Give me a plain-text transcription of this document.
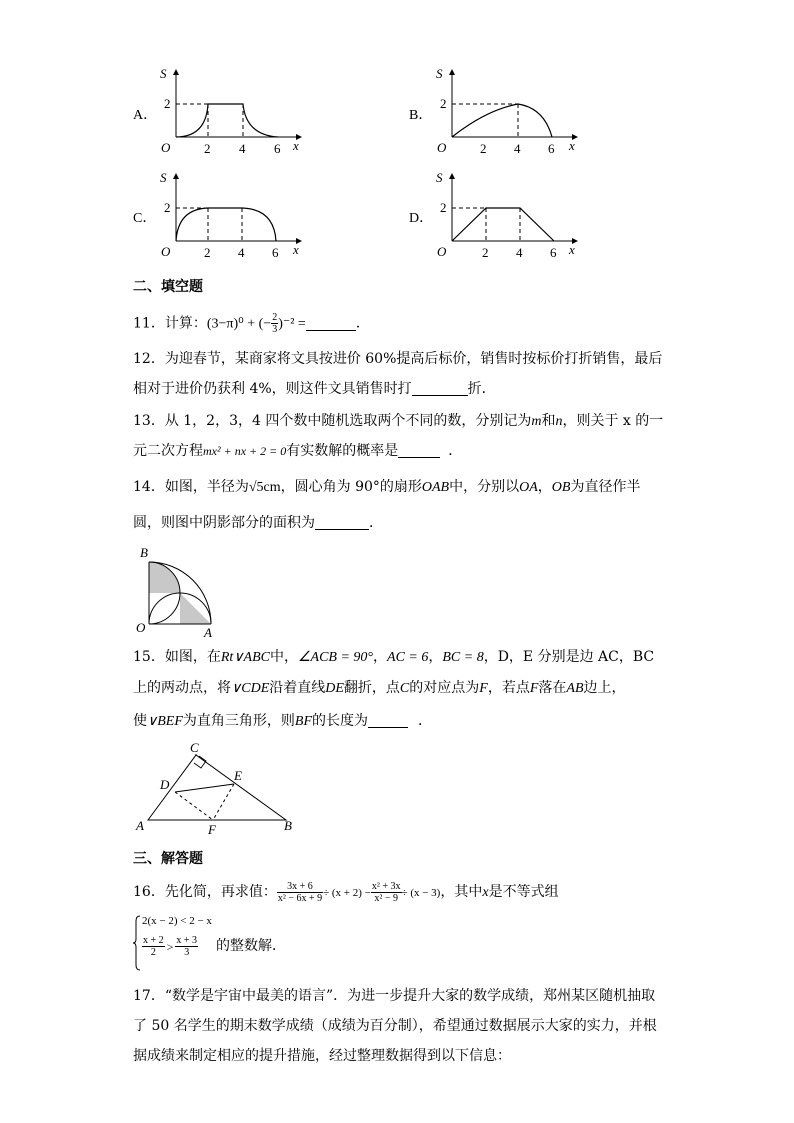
A．
S
x
O
2
2 4 6
B．
S
x
O
2
2 4 6
C．
S
x
O
2
2 4 6
D．
S
x
O
2
2 4 6
二、填空题
11．计算：(3−π)⁰ + (− $\frac{2}{3} )^{-2}$ =	．
12．为迎春节，某商家将文具按进价 60%提高后标价，销售时按标价打折销售，最后
相对于进价仍获利 4%，则这件文具销售时打	折．
13．从 1，2，3，4 四个数中随机选取两个不同的数，分别记为m和n，则关于 x 的一
元二次方程mx² + nx + 2 = 0有实数解的概率是	．
14．如图，半径为√5cm，圆心角为 90°的扇形OAB中，分别以OA，OB为直径作半
圆，则图中阴影部分的面积为	．
B
O	A
15．如图，在Rt∨ABC中，∠ACB = 90°，AC = 6，BC = 8，D，E 分别是边 AC，BC
上的两动点，将∨CDE沿着直线DE翻折，点C的对应点为F，若点F落在AB边上，
使∨BEF为直角三角形，则BF的长度为	．
C
D
E
A	F	B
三、解答题
16．先化简，再求值： $\frac{3x + 6}{\text{x² − 6x + 9}} \div (x + 2) - \frac{\text{x² + 3x}}{\text{x² − 9}} \div (x - 3)$，其中x是不等式组
2(x − 2) < 2 − x
$\frac{x + 2}{2} > \frac{x + 3}{3}$ 的整数解．
17．“数学是宇宙中最美的语言”．为进一步提升大家的数学成绩，郑州某区随机抽取
了 50 名学生的期末数学成绩（成绩为百分制），希望通过数据展示大家的实力，并根
据成绩来制定相应的提升措施，经过整理数据得到以下信息：
